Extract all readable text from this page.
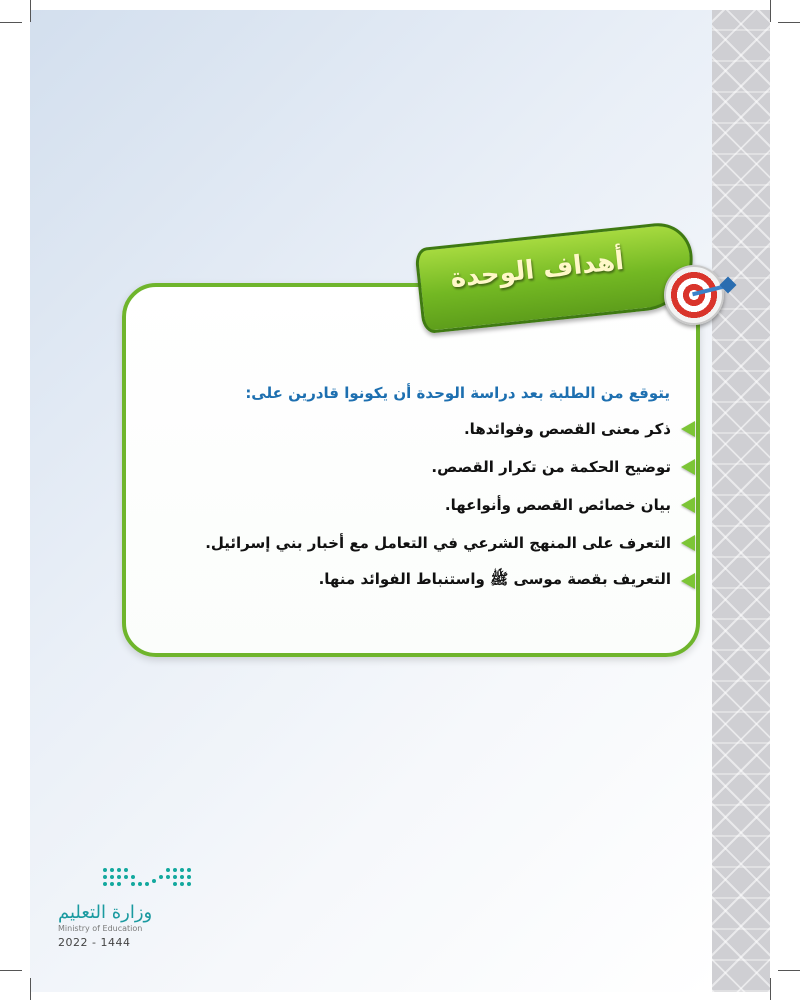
أهداف الوحدة
يتوقع من الطلبة بعد دراسة الوحدة أن يكونوا قادرين على:
ذكر معنى القصص وفوائدها.
توضيح الحكمة من تكرار القصص.
بيان خصائص القصص وأنواعها.
التعرف على المنهج الشرعي في التعامل مع أخبار بني إسرائيل.
التعريف بقصة موسى ﷺ واستنباط الفوائد منها.
وزارة التعليم
Ministry of Education
2022 - 1444
